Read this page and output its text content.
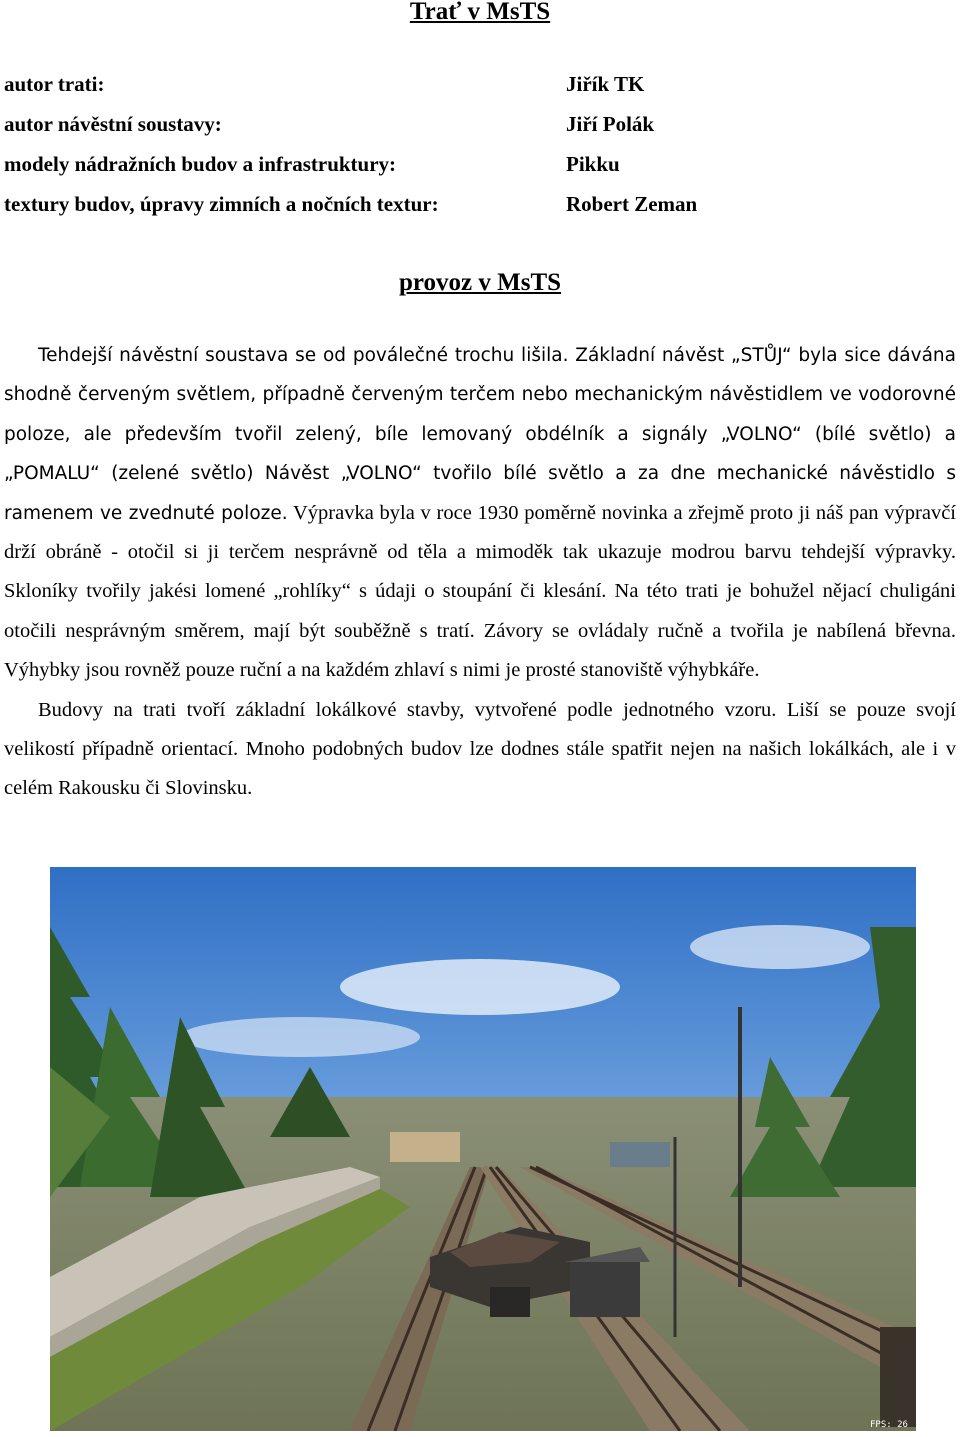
Trať v MsTS
autor trati:	Jiřík TK
autor návěstní soustavy:	Jiří Polák
modely nádražních budov a infrastruktury:	Pikku
textury budov, úpravy zimních a nočních textur:	Robert Zeman
provoz v MsTS

Tehdejší návěstní soustava se od poválečné trochu lišila. Základní návěst „STŮJ“ byla sice dávána shodně červeným světlem, případně červeným terčem nebo mechanickým návěstidlem ve vodorovné poloze, ale především tvořil zelený, bíle lemovaný obdélník a signály „VOLNO“ (bílé světlo) a „POMALU“ (zelené světlo) Návěst „VOLNO“ tvořilo bílé světlo a za dne mechanické návěstidlo s ramenem ve zvednuté poloze. Výpravka byla v roce 1930 poměrně novinka a zřejmě proto ji náš pan výpravčí drží obráně - otočil si ji terčem nesprávně od těla a mimoděk tak ukazuje modrou barvu tehdejší výpravky. Skloníky tvořily jakési lomené „rohlíky“ s údaji o stoupání či klesání. Na této trati je bohužel nějací chuligáni otočili nesprávným směrem, mají být souběžně s tratí. Závory se ovládaly ručně a tvořila je nabílená břevna. Výhybky jsou rovněž pouze ruční a na každém zhlaví s nimi je prosté stanoviště výhybkáře.

Budovy na trati tvoří základní lokálkové stavby, vytvořené podle jednotného vzoru. Liší se pouze svojí velikostí případně orientací. Mnoho podobných budov lze dodnes stále spatřit nejen na našich lokálkách, ale i v celém Rakousku či Slovinsku.

FPS: 26
